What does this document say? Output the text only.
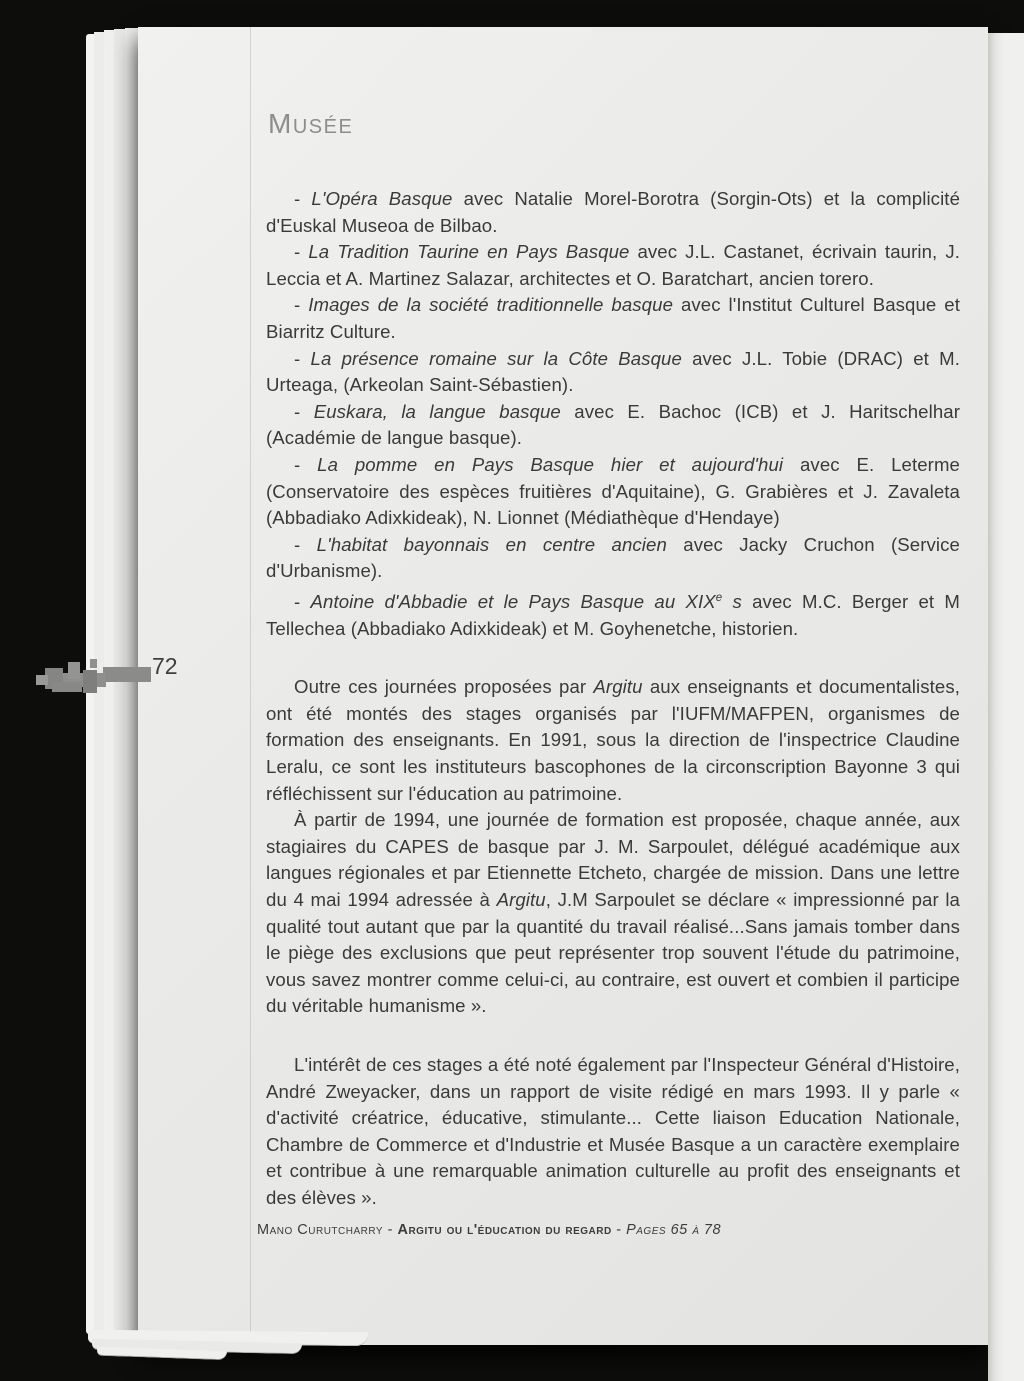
Musée

- L'Opéra Basque avec Natalie Morel-Borotra (Sorgin-Ots) et la complicité d'Euskal Museoa de Bilbao.

- La Tradition Taurine en Pays Basque avec J.L. Castanet, écrivain taurin, J. Leccia et A. Martinez Salazar, architectes et O. Baratchart, ancien torero.

- Images de la société traditionnelle basque avec l'Institut Culturel Basque et Biarritz Culture.

- La présence romaine sur la Côte Basque avec J.L. Tobie (DRAC) et M. Urteaga, (Arkeolan Saint-Sébastien).

- Euskara, la langue basque avec E. Bachoc (ICB) et J. Haritschelhar (Académie de langue basque).

- La pomme en Pays Basque hier et aujourd'hui avec E. Leterme (Conservatoire des espèces fruitières d'Aquitaine), G. Grabières et J. Zavaleta (Abbadiako Adixkideak), N. Lionnet (Médiathèque d'Hendaye)

- L'habitat bayonnais en centre ancien avec Jacky Cruchon (Service d'Urbanisme).

- Antoine d'Abbadie et le Pays Basque au XIXe s avec M.C. Berger et M Tellechea (Abbadiako Adixkideak) et M. Goyhenetche, historien.

Outre ces journées proposées par Argitu aux enseignants et documentalistes, ont été montés des stages organisés par l'IUFM/MAFPEN, organismes de formation des enseignants. En 1991, sous la direction de l'inspectrice Claudine Leralu, ce sont les instituteurs bascophones de la circonscription Bayonne 3 qui réfléchissent sur l'éducation au patrimoine.

À partir de 1994, une journée de formation est proposée, chaque année, aux stagiaires du CAPES de basque par J. M. Sarpoulet, délégué académique aux langues régionales et par Etiennette Etcheto, chargée de mission. Dans une lettre du 4 mai 1994 adressée à Argitu, J.M Sarpoulet se déclare « impressionné par la qualité tout autant que par la quantité du travail réalisé...Sans jamais tomber dans le piège des exclusions que peut représenter trop souvent l'étude du patrimoine, vous savez montrer comme celui-ci, au contraire, est ouvert et combien il participe du véritable humanisme ».

L'intérêt de ces stages a été noté également par l'Inspecteur Général d'Histoire, André Zweyacker, dans un rapport de visite rédigé en mars 1993. Il y parle « d'activité créatrice, éducative, stimulante... Cette liaison Education Nationale, Chambre de Commerce et d'Industrie et Musée Basque a un caractère exemplaire et contribue à une remarquable animation culturelle au profit des enseignants et des élèves ».

72
Mano Curutcharry - Argitu ou l'éducation du regard - Pages 65 à 78
